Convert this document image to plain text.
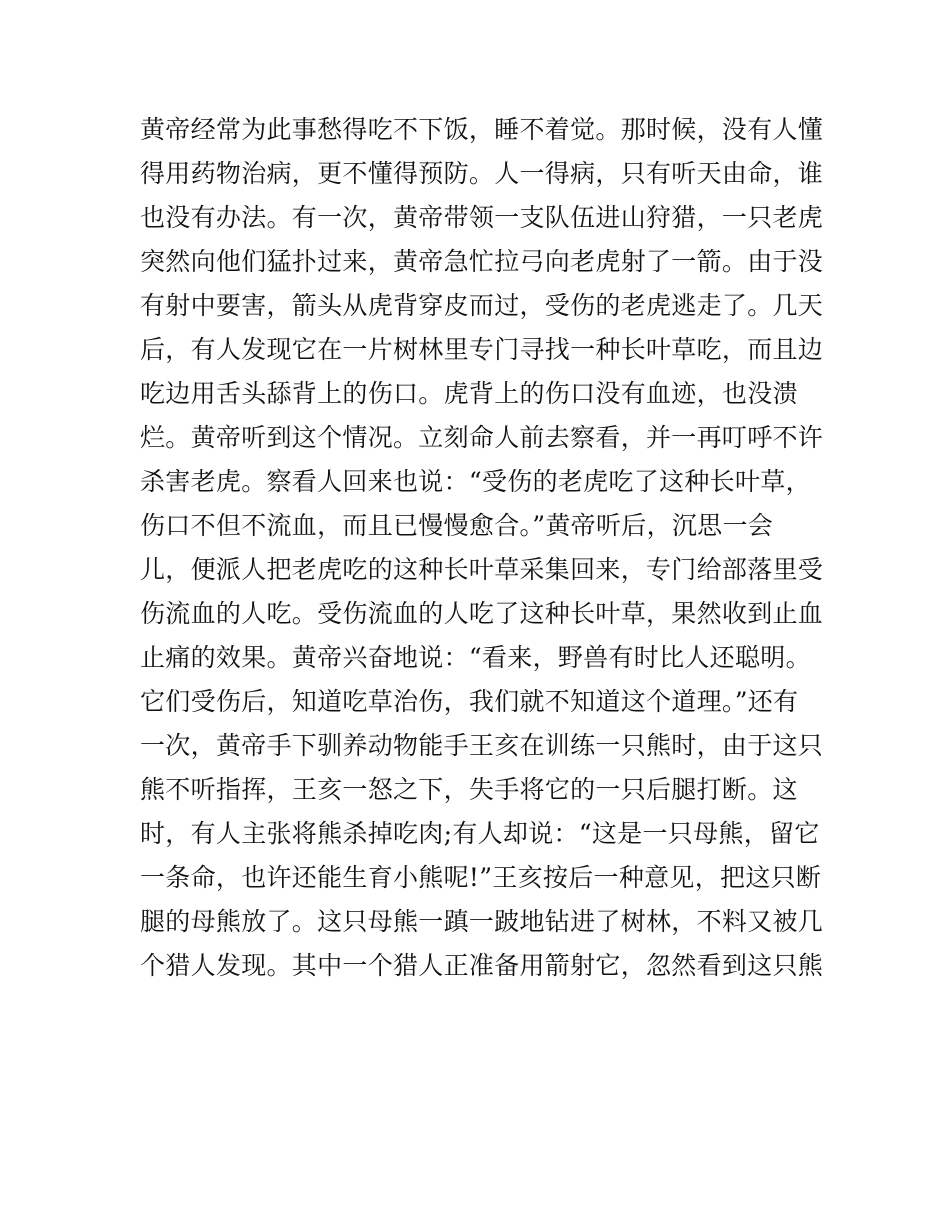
黄帝经常为此事愁得吃不下饭，睡不着觉。那时候，没有人懂
得用药物治病，更不懂得预防。人一得病，只有听天由命，谁
也没有办法。有一次，黄帝带领一支队伍进山狩猎，一只老虎
突然向他们猛扑过来，黄帝急忙拉弓向老虎射了一箭。由于没
有射中要害，箭头从虎背穿皮而过，受伤的老虎逃走了。几天
后，有人发现它在一片树林里专门寻找一种长叶草吃，而且边
吃边用舌头舔背上的伤口。虎背上的伤口没有血迹，也没溃
烂。黄帝听到这个情况。立刻命人前去察看，并一再叮呼不许
杀害老虎。察看人回来也说：“受伤的老虎吃了这种长叶草，
伤口不但不流血，而且已慢慢愈合。”黄帝听后，沉思一会
儿，便派人把老虎吃的这种长叶草采集回来，专门给部落里受
伤流血的人吃。受伤流血的人吃了这种长叶草，果然收到止血
止痛的效果。黄帝兴奋地说：“看来，野兽有时比人还聪明。
它们受伤后，知道吃草治伤，我们就不知道这个道理。”还有
一次，黄帝手下驯养动物能手王亥在训练一只熊时，由于这只
熊不听指挥，王亥一怒之下，失手将它的一只后腿打断。这
时，有人主张将熊杀掉吃肉;有人却说：“这是一只母熊，留它
一条命，也许还能生育小熊呢!”王亥按后一种意见，把这只断
腿的母熊放了。这只母熊一蹎一跛地钻进了树林，不料又被几
个猎人发现。其中一个猎人正准备用箭射它，忽然看到这只熊
